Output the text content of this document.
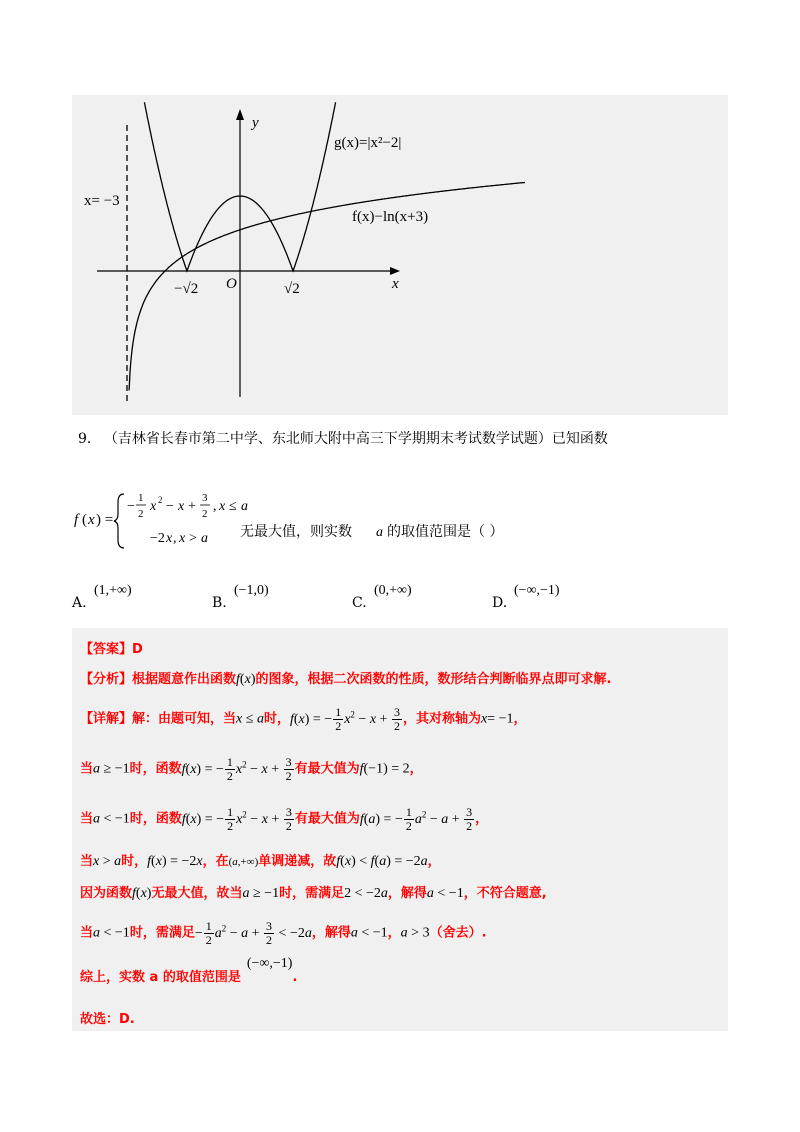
y
x
O
x= −3
g(x)=|x²−2|
f(x)−ln(x+3)
−√2	√2
9． （吉林省长春市第二中学、东北师大附中高三下学期期末考试数学试题）已知函数
f ( x ) =
−
1
2 x 2 − x +
3
2 , x ≤ a
−2 x , x > a 无最大值，则实数 a 的取值范围是（ ）
A.
(1,+∞)
B.
(−1,0)
C.
(0,+∞)
D.
(−∞,−1)
【答案】D
【分析】根据题意作出函数f(x)的图象，根据二次函数的性质，数形结合判断临界点即可求解.
【详解】解：由题可知，当x ≤ a时，f(x) = − $\frac{1}{2} x^2 - x + \frac{3}{2}$ ，其对称轴为x= −1，
当a ≥ −1时，函数f(x) = − $\frac{1}{2} x^2 - x + \frac{3}{2}$ 有最大值为f(−1) = 2，
当a < −1时，函数f(x) = − $\frac{1}{2} x^2 - x + \frac{3}{2}$ 有最大值为f(a) = − $\frac{1}{2} a^2 - a + \frac{3}{2}$ ，
当x > a时，f(x) = −2x，在(a,+∞)单调递减，故f(x) < f(a) = −2a，
因为函数f(x)无最大值，故当a ≥ −1时，需满足2 < −2a，解得a < −1，不符合题意,
当a < −1时，需满足− $\frac{1}{2} a^2 - a + \frac{3}{2} < -2a$，解得a < −1，a > 3（舍去）.
综上，实数 a 的取值范围是(−∞,−1).
故选：D.
